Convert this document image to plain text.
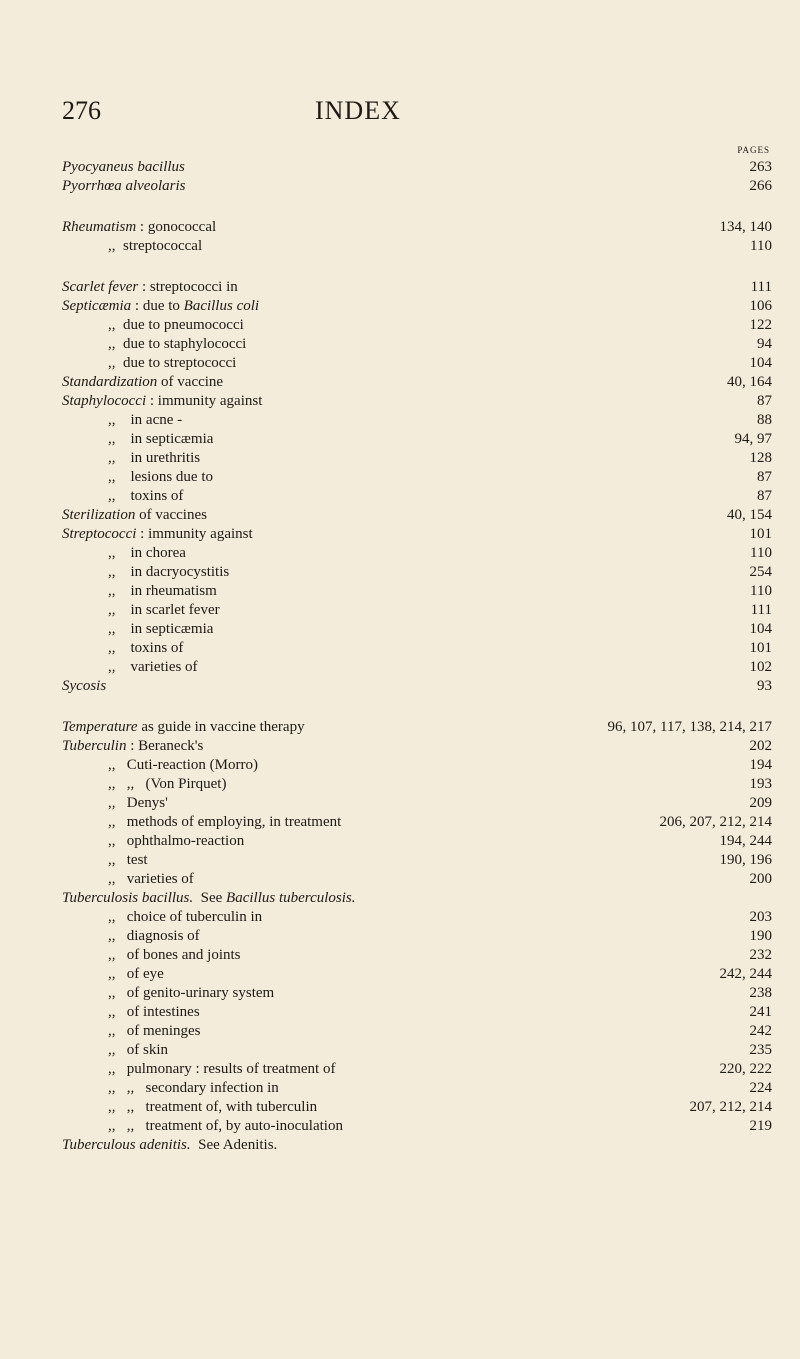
276	INDEX
PAGES
Pyocyaneus bacillus	263
Pyorrhœa alveolaris	266
Rheumatism : gonococcal	134, 140
,,  streptococcal	110
Scarlet fever : streptococci in	111
Septicæmia : due to Bacillus coli	106
,,  due to pneumococci	122
,,  due to staphylococci	94
,,  due to streptococci	104
Standardization of vaccine	40, 164
Staphylococci : immunity against	87
,,    in acne -	88
,,    in septicæmia	94, 97
,,    in urethritis	128
,,    lesions due to	87
,,    toxins of	87
Sterilization of vaccines	40, 154
Streptococci : immunity against	101
,,    in chorea	110
,,    in dacryocystitis	254
,,    in rheumatism	110
,,    in scarlet fever	111
,,    in septicæmia	104
,,    toxins of	101
,,    varieties of	102
Sycosis	93
Temperature as guide in vaccine therapy	96, 107, 117, 138, 214, 217
Tuberculin : Beraneck's	202
,,   Cuti-reaction (Morro)	194
,,   ,,   (Von Pirquet)	193
,,   Denys'	209
,,   methods of employing, in treatment	206, 207, 212, 214
,,   ophthalmo-reaction	194, 244
,,   test	190, 196
,,   varieties of	200
Tuberculosis bacillus.  See Bacillus tuberculosis.
,,   choice of tuberculin in	203
,,   diagnosis of	190
,,   of bones and joints	232
,,   of eye	242, 244
,,   of genito-urinary system	238
,,   of intestines	241
,,   of meninges	242
,,   of skin	235
,,   pulmonary : results of treatment of	220, 222
,,   ,,   secondary infection in	224
,,   ,,   treatment of, with tuberculin	207, 212, 214
,,   ,,   treatment of, by auto-inoculation	219
Tuberculous adenitis.  See Adenitis.
